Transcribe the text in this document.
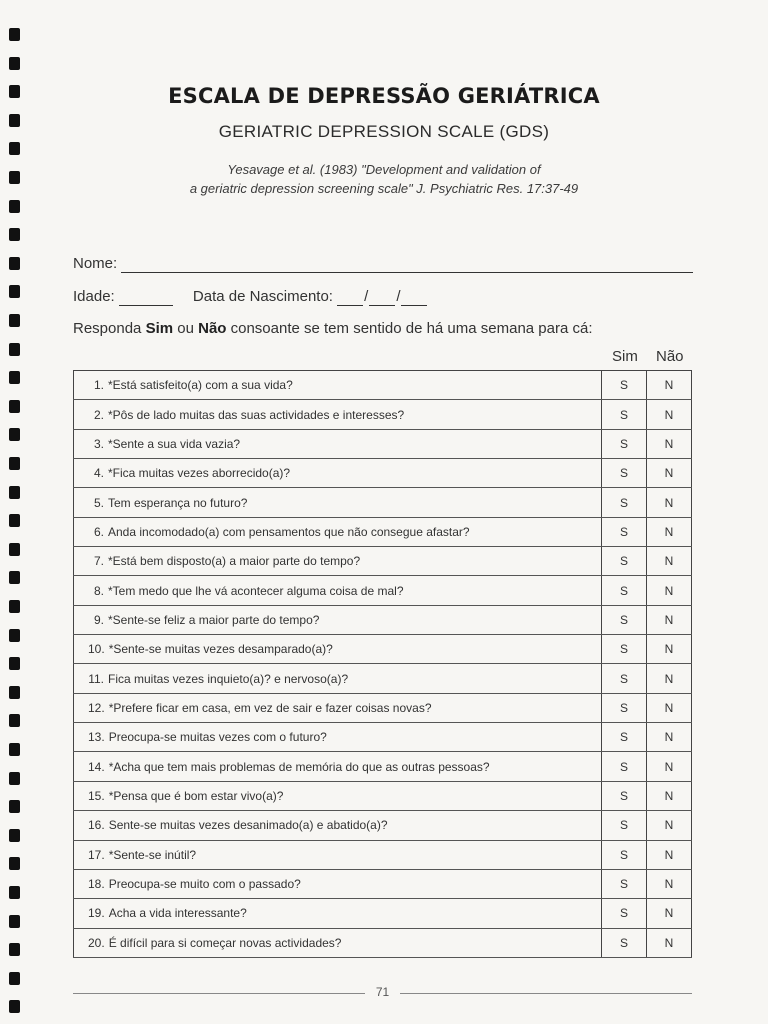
ESCALA DE DEPRESSÃO GERIÁTRICA
GERIATRIC DEPRESSION SCALE (GDS)
Yesavage et al. (1983) "Development and validation of
a geriatric depression screening scale" J. Psychiatric Res. 17:37-49
Nome:
Idade:	Data de Nascimento: / /
Responda Sim ou Não consoante se tem sentido de há uma semana para cá:
Sim Não
1. *Está satisfeito(a) com a sua vida?	S	N
2. *Pôs de lado muitas das suas actividades e interesses?	S	N
3. *Sente a sua vida vazia?	S	N
4. *Fica muitas vezes aborrecido(a)?	S	N
5. Tem esperança no futuro?	S	N
6. Anda incomodado(a) com pensamentos que não consegue afastar?	S	N
7. *Está bem disposto(a) a maior parte do tempo?	S	N
8. *Tem medo que lhe vá acontecer alguma coisa de mal?	S	N
9. *Sente-se feliz a maior parte do tempo?	S	N
10. *Sente-se muitas vezes desamparado(a)?	S	N
11. Fica muitas vezes inquieto(a)? e nervoso(a)?	S	N
12. *Prefere ficar em casa, em vez de sair e fazer coisas novas?	S	N
13. Preocupa-se muitas vezes com o futuro?	S	N
14. *Acha que tem mais problemas de memória do que as outras pessoas?	S	N
15. *Pensa que é bom estar vivo(a)?	S	N
16. Sente-se muitas vezes desanimado(a) e abatido(a)?	S	N
17. *Sente-se inútil?	S	N
18. Preocupa-se muito com o passado?	S	N
19. Acha a vida interessante?	S	N
20. É difícil para si começar novas actividades?	S	N
71
